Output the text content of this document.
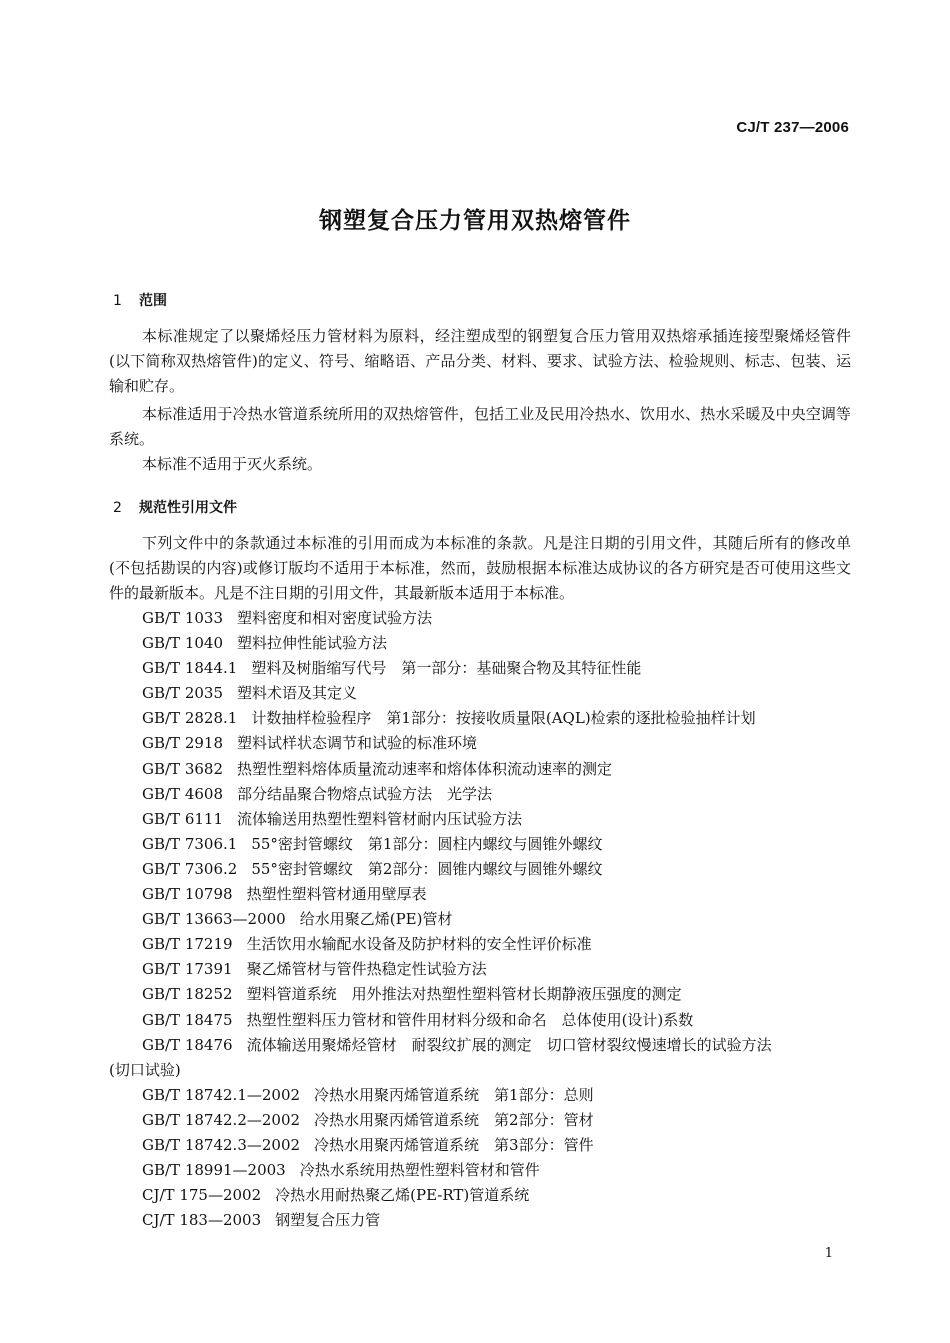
CJ/T 237—2006
钢塑复合压力管用双热熔管件
1 范围

本标准规定了以聚烯烃压力管材料为原料，经注塑成型的钢塑复合压力管用双热熔承插连接型聚烯烃管件(以下简称双热熔管件)的定义、符号、缩略语、产品分类、材料、要求、试验方法、检验规则、标志、包装、运输和贮存。

本标准适用于冷热水管道系统所用的双热熔管件，包括工业及民用冷热水、饮用水、热水采暖及中央空调等系统。

本标准不适用于灭火系统。

2 规范性引用文件

下列文件中的条款通过本标准的引用而成为本标准的条款。凡是注日期的引用文件，其随后所有的修改单(不包括勘误的内容)或修订版均不适用于本标准，然而，鼓励根据本标准达成协议的各方研究是否可使用这些文件的最新版本。凡是不注日期的引用文件，其最新版本适用于本标准。

GB/T 1033 塑料密度和相对密度试验方法
GB/T 1040 塑料拉伸性能试验方法
GB/T 1844.1 塑料及树脂缩写代号　第一部分：基础聚合物及其特征性能
GB/T 2035 塑料术语及其定义
GB/T 2828.1 计数抽样检验程序　第1部分：按接收质量限(AQL)检索的逐批检验抽样计划
GB/T 2918 塑料试样状态调节和试验的标准环境
GB/T 3682 热塑性塑料熔体质量流动速率和熔体体积流动速率的测定
GB/T 4608 部分结晶聚合物熔点试验方法　光学法
GB/T 6111 流体输送用热塑性塑料管材耐内压试验方法
GB/T 7306.1 55°密封管螺纹　第1部分：圆柱内螺纹与圆锥外螺纹
GB/T 7306.2 55°密封管螺纹　第2部分：圆锥内螺纹与圆锥外螺纹
GB/T 10798 热塑性塑料管材通用壁厚表
GB/T 13663—2000 给水用聚乙烯(PE)管材
GB/T 17219 生活饮用水输配水设备及防护材料的安全性评价标准
GB/T 17391 聚乙烯管材与管件热稳定性试验方法
GB/T 18252 塑料管道系统　用外推法对热塑性塑料管材长期静液压强度的测定
GB/T 18475 热塑性塑料压力管材和管件用材料分级和命名　总体使用(设计)系数
GB/T 18476 流体输送用聚烯烃管材　耐裂纹扩展的测定　切口管材裂纹慢速增长的试验方法
(切口试验)
GB/T 18742.1—2002 冷热水用聚丙烯管道系统　第1部分：总则
GB/T 18742.2—2002 冷热水用聚丙烯管道系统　第2部分：管材
GB/T 18742.3—2002 冷热水用聚丙烯管道系统　第3部分：管件
GB/T 18991—2003 冷热水系统用热塑性塑料管材和管件
CJ/T 175—2002 冷热水用耐热聚乙烯(PE-RT)管道系统
CJ/T 183—2003 钢塑复合压力管
1
